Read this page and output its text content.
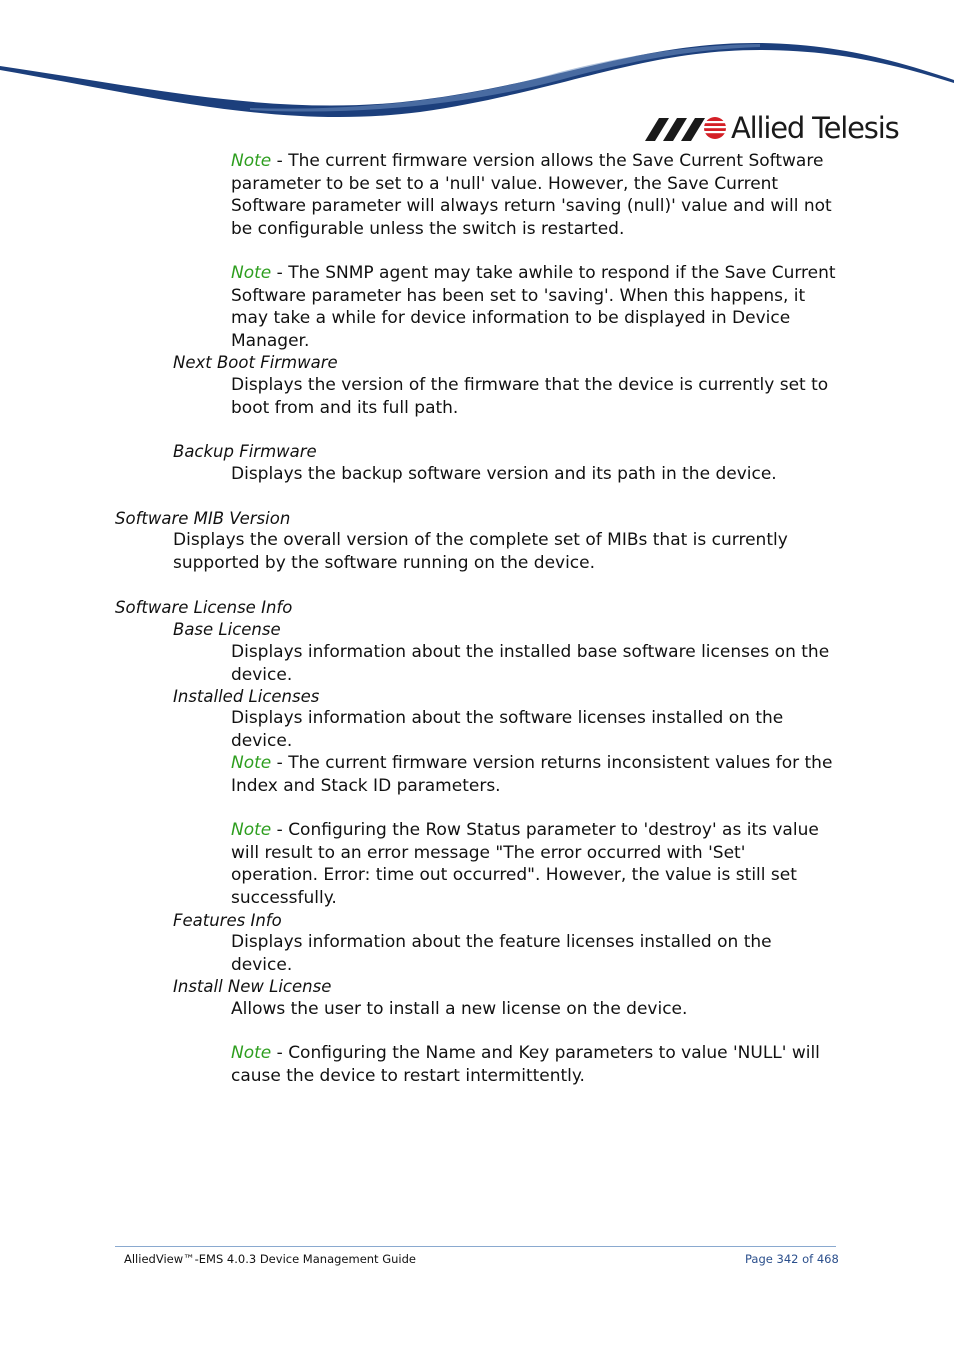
Allied Telesis
Note - The current firmware version allows the Save Current Software parameter to be set to a 'null' value. However, the Save Current Software parameter will always return 'saving (null)' value and will not be configurable unless the switch is restarted.
Note - The SNMP agent may take awhile to respond if the Save Current Software parameter has been set to 'saving'. When this happens, it may take a while for device information to be displayed in Device Manager.
Next Boot Firmware
Displays the version of the firmware that the device is currently set to boot from and its full path.
Backup Firmware
Displays the backup software version and its path in the device.
Software MIB Version
Displays the overall version of the complete set of MIBs that is currently supported by the software running on the device.
Software License Info
Base License
Displays information about the installed base software licenses on the device.
Installed Licenses
Displays information about the software licenses installed on the device.
Note - The current firmware version returns inconsistent values for the Index and Stack ID parameters.
Note - Configuring the Row Status parameter to 'destroy' as its value will result to an error message "The error occurred with 'Set' operation. Error: time out occurred". However, the value is still set successfully.
Features Info
Displays information about the feature licenses installed on the device.
Install New License
Allows the user to install a new license on the device.
Note - Configuring the Name and Key parameters to value 'NULL' will cause the device to restart intermittently.
AlliedView™-EMS 4.0.3 Device Management Guide	Page 342 of 468
